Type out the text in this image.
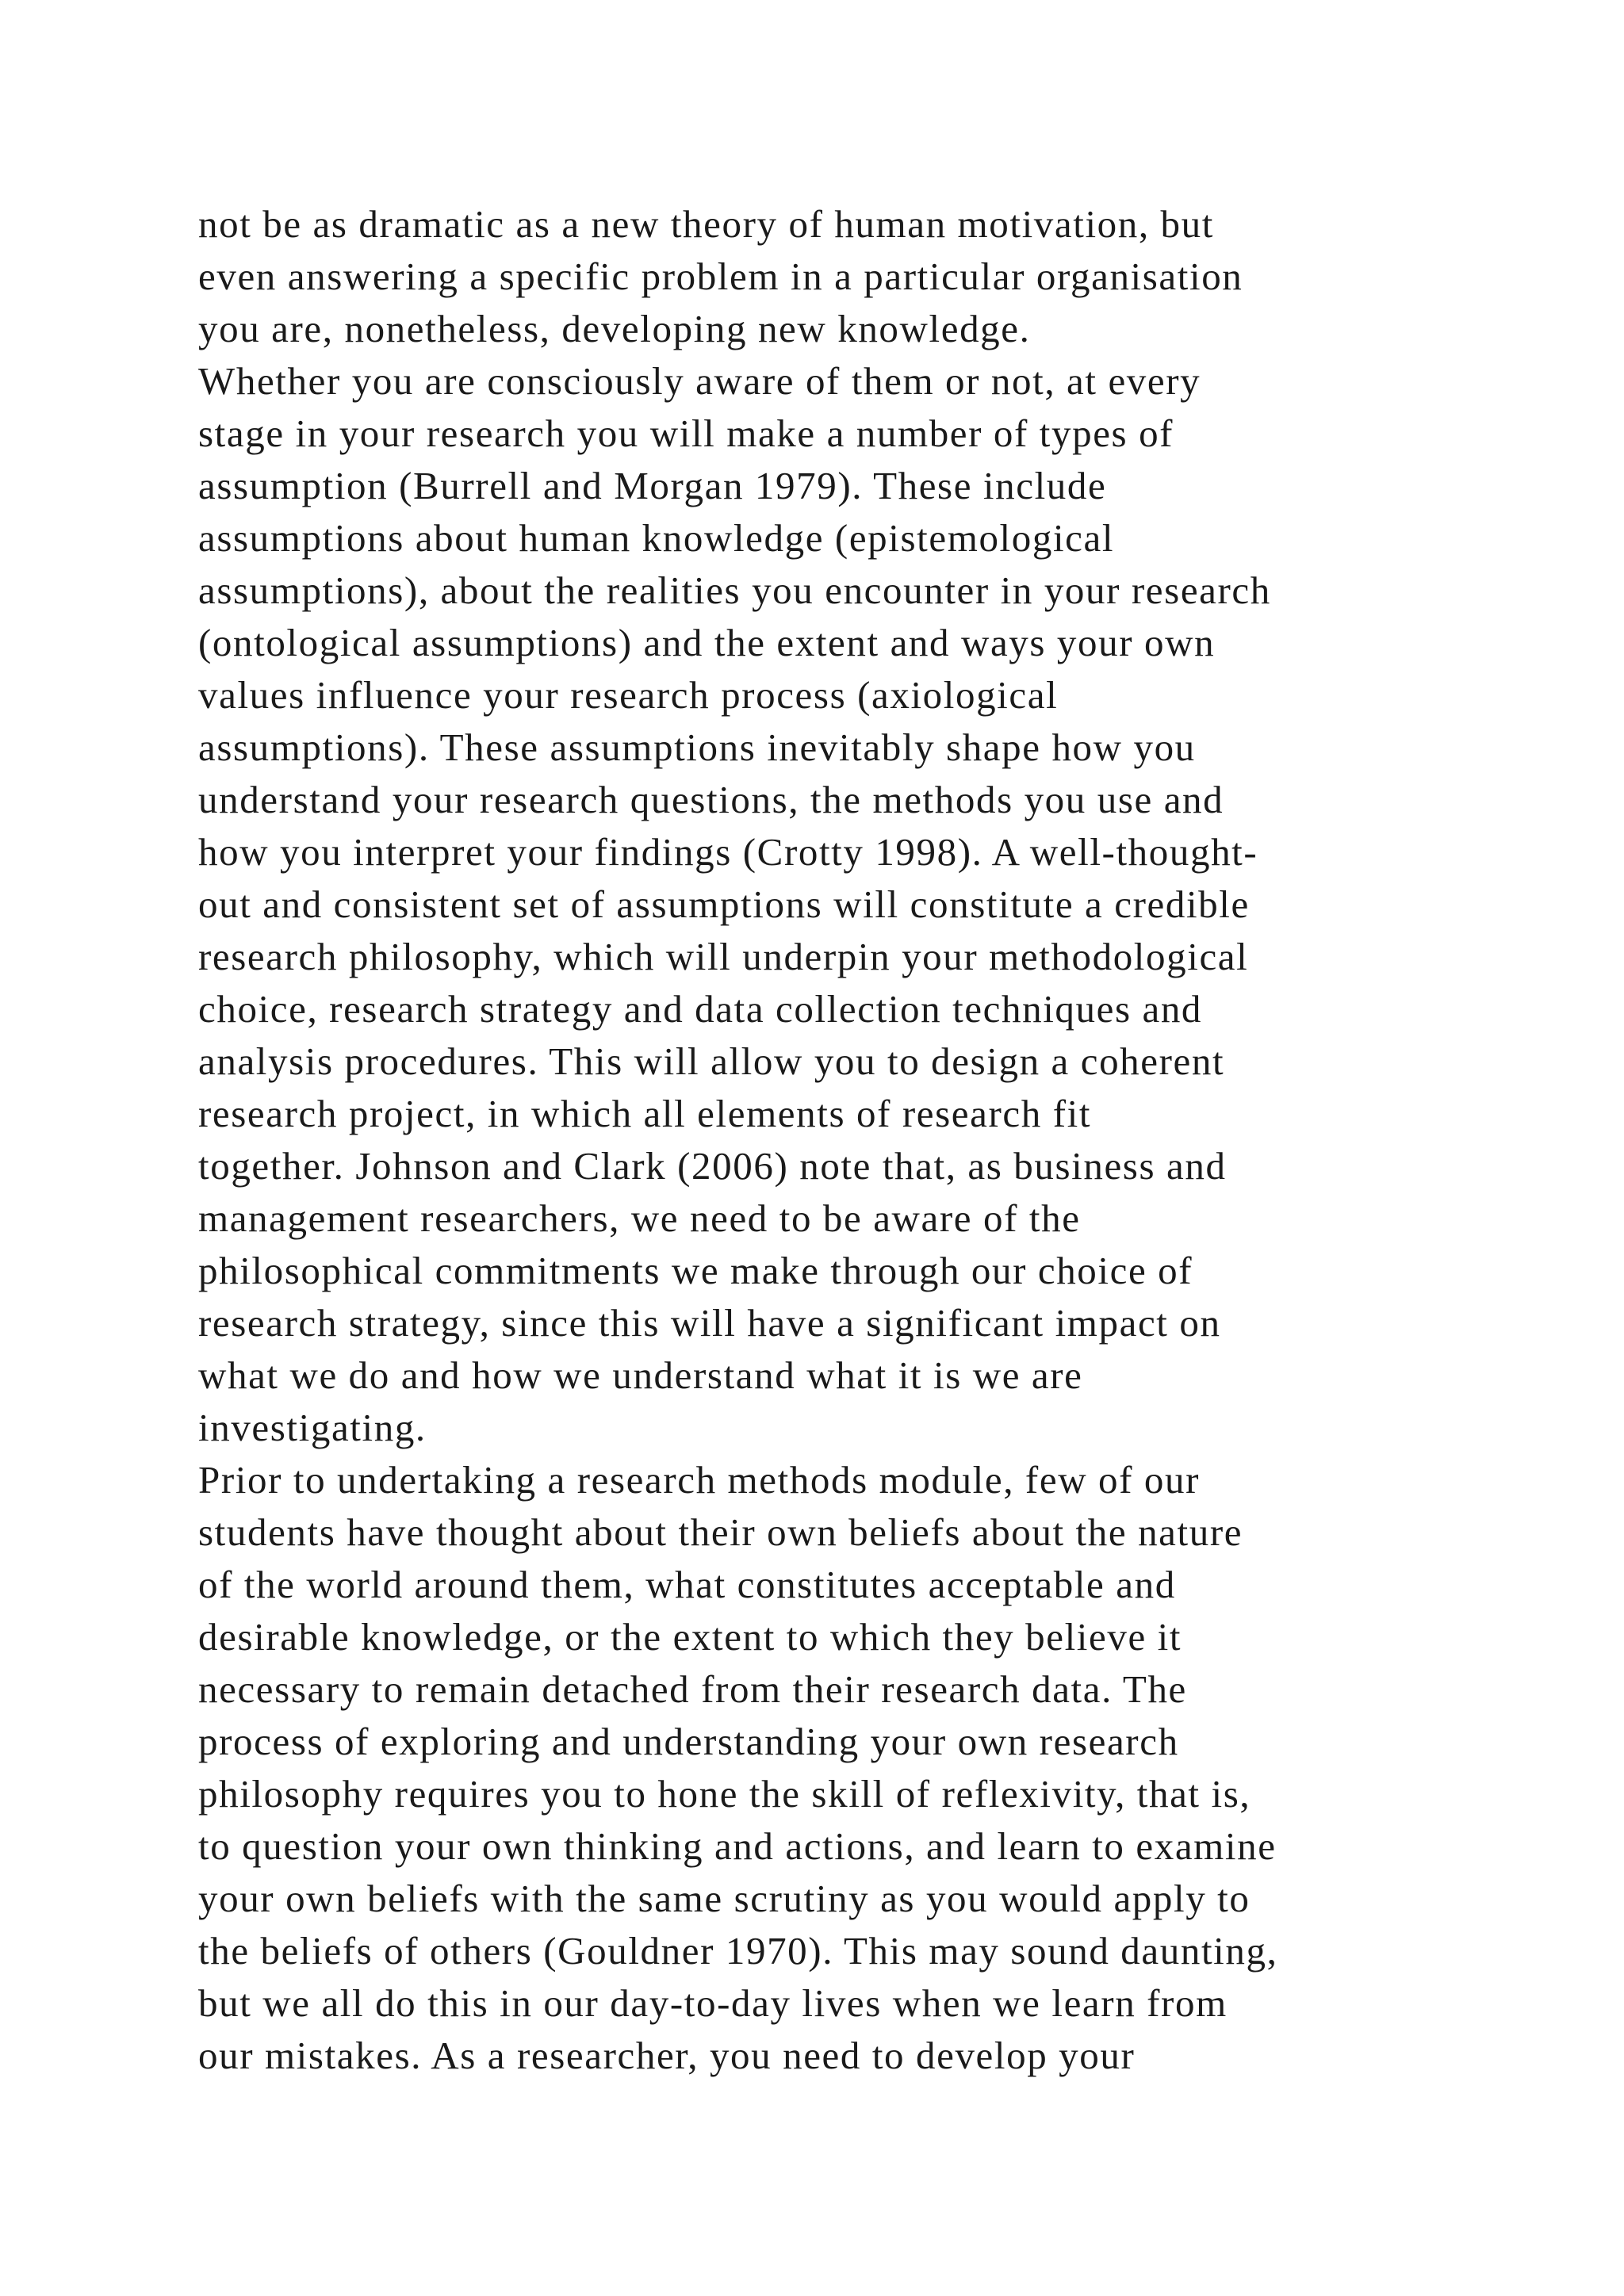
not be as dramatic as a new theory of human motivation, but
even answering a specific problem in a particular organisation
you are, nonetheless, developing new knowledge.
Whether you are consciously aware of them or not, at every
stage in your research you will make a number of types of
assumption (Burrell and Morgan 1979). These include
assumptions about human knowledge (epistemological
assumptions), about the realities you encounter in your research
(ontological assumptions) and the extent and ways your own
values influence your research process (axiological
assumptions). These assumptions inevitably shape how you
understand your research questions, the methods you use and
how you interpret your findings (Crotty 1998). A well-thought-
out and consistent set of assumptions will constitute a credible
research philosophy, which will underpin your methodological
choice, research strategy and data collection techniques and
analysis procedures. This will allow you to design a coherent
research project, in which all elements of research fit
together. Johnson and Clark (2006) note that, as business and
management researchers, we need to be aware of the
philosophical commitments we make through our choice of
research strategy, since this will have a significant impact on
what we do and how we understand what it is we are
investigating.
Prior to undertaking a research methods module, few of our
students have thought about their own beliefs about the nature
of the world around them, what constitutes acceptable and
desirable knowledge, or the extent to which they believe it
necessary to remain detached from their research data. The
process of exploring and understanding your own research
philosophy requires you to hone the skill of reflexivity, that is,
to question your own thinking and actions, and learn to examine
your own beliefs with the same scrutiny as you would apply to
the beliefs of others (Gouldner 1970). This may sound daunting,
but we all do this in our day-to-day lives when we learn from
our mistakes. As a researcher, you need to develop your
